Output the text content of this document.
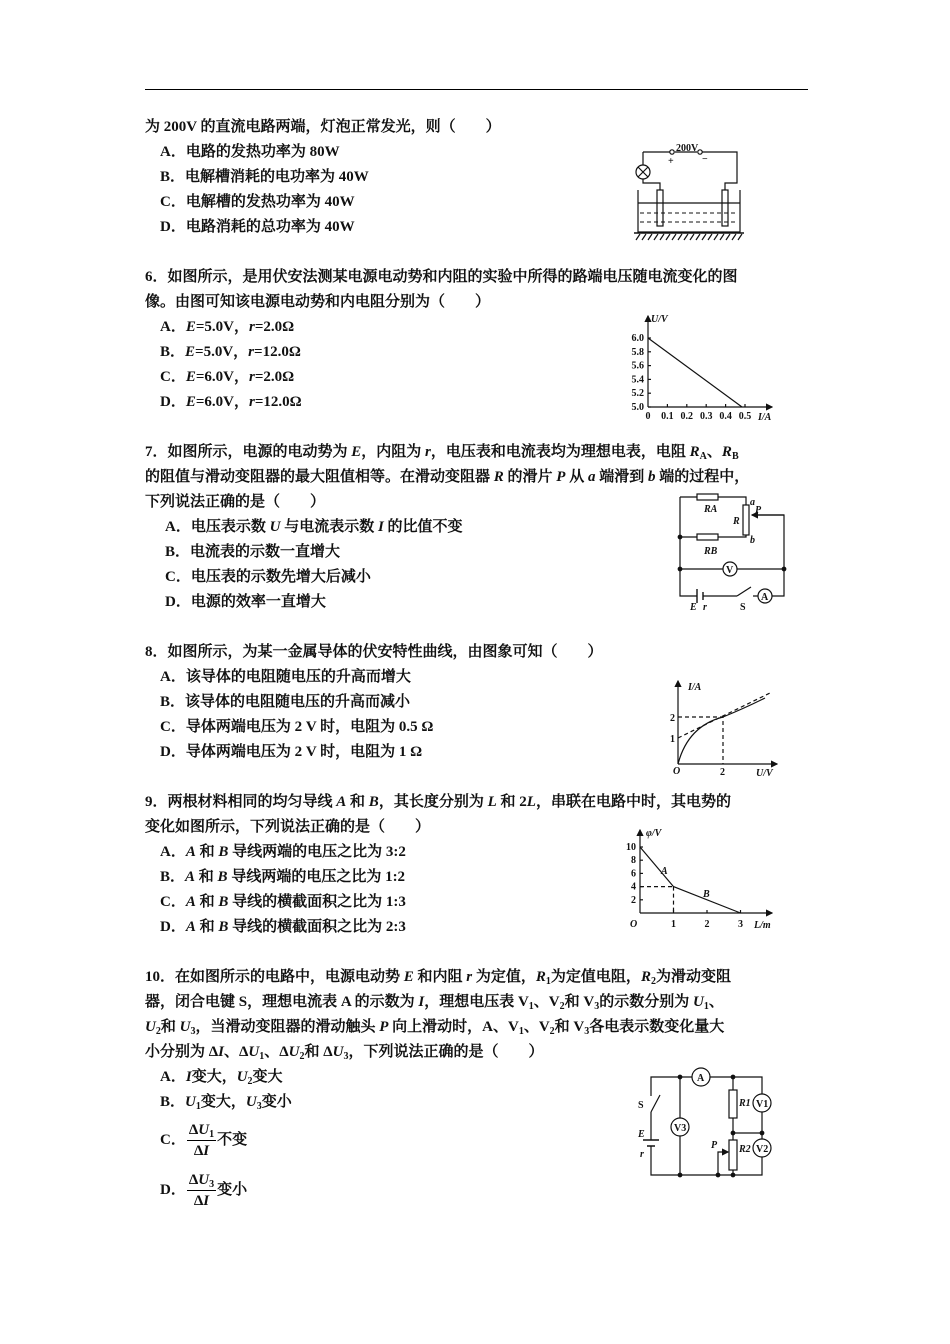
为 200V 的直流电路两端，灯泡正常发光，则（　　）
A．电路的发热功率为 80W
B．电解槽消耗的电功率为 40W
C．电解槽的发热功率为 40W
D．电路消耗的总功率为 40W
6．如图所示，是用伏安法测某电源电动势和内阻的实验中所得的路端电压随电流变化的图
像。由图可知该电源电动势和内电阻分别为（　　）
A．E=5.0V，r=2.0Ω
B．E=5.0V，r=12.0Ω
C．E=6.0V，r=2.0Ω
D．E=6.0V，r=12.0Ω
7．如图所示，电源的电动势为 E，内阻为 r，电压表和电流表均为理想电表，电阻 $R_A$、$R_B$
的阻值与滑动变阻器的最大阻值相等。在滑动变阻器 R 的滑片 P 从 a 端滑到 b 端的过程中，
下列说法正确的是（　　）
A．电压表示数 U 与电流表示数 I 的比值不变
B．电流表的示数一直增大
C．电压表的示数先增大后减小
D．电源的效率一直增大
8．如图所示，为某一金属导体的伏安特性曲线，由图象可知（　　）
A．该导体的电阻随电压的升高而增大
B．该导体的电阻随电压的升高而减小
C．导体两端电压为 2 V 时，电阻为 0.5 Ω
D．导体两端电压为 2 V 时，电阻为 1 Ω
9．两根材料相同的均匀导线 A 和 B，其长度分别为 L 和 2L，串联在电路中时，其电势的
变化如图所示，下列说法正确的是（　　）
A．A 和 B 导线两端的电压之比为 3:2
B．A 和 B 导线两端的电压之比为 1:2
C．A 和 B 导线的横截面积之比为 1:3
D．A 和 B 导线的横截面积之比为 2:3
10．在如图所示的电路中，电源电动势 E 和内阻 r 为定值，$R_1$为定值电阻，$R_2$为滑动变阻
器，闭合电键 S，理想电流表 A 的示数为 I，理想电压表 $V_1$、$V_2$和 $V_3$的示数分别为 $U_1$、
$U_2$和 $U_3$，当滑动变阻器的滑动触头 P 向上滑动时，A、$V_1$、$V_2$和 $V_3$各电表示数变化量大
小分别为 ΔI、$\Delta U_1$、$\Delta U_2$和 $\Delta U_3$，下列说法正确的是（　　）
A．I变大，$U_2$变大
B．$U_1$变大，$U_3$变小
C． $\frac{\Delta U_1}{\Delta I}$ 不变
D． $\frac{\Delta U_3}{\Delta I}$ 变小
200V
+	−
U/V
I/A
6.0
5.8
5.6
5.4
5.2
5.0
0 0.1 0.2 0.3 0.4 0.5
RA
RB
R
a
b
P
V
A
E r	S
I/A
U/V
O
2
1
2
φ/V
L/m
O
A
B
10
8
6
4
2
1	2	3
A
V3
V1
V2
R1
R2
S
E
r
P
